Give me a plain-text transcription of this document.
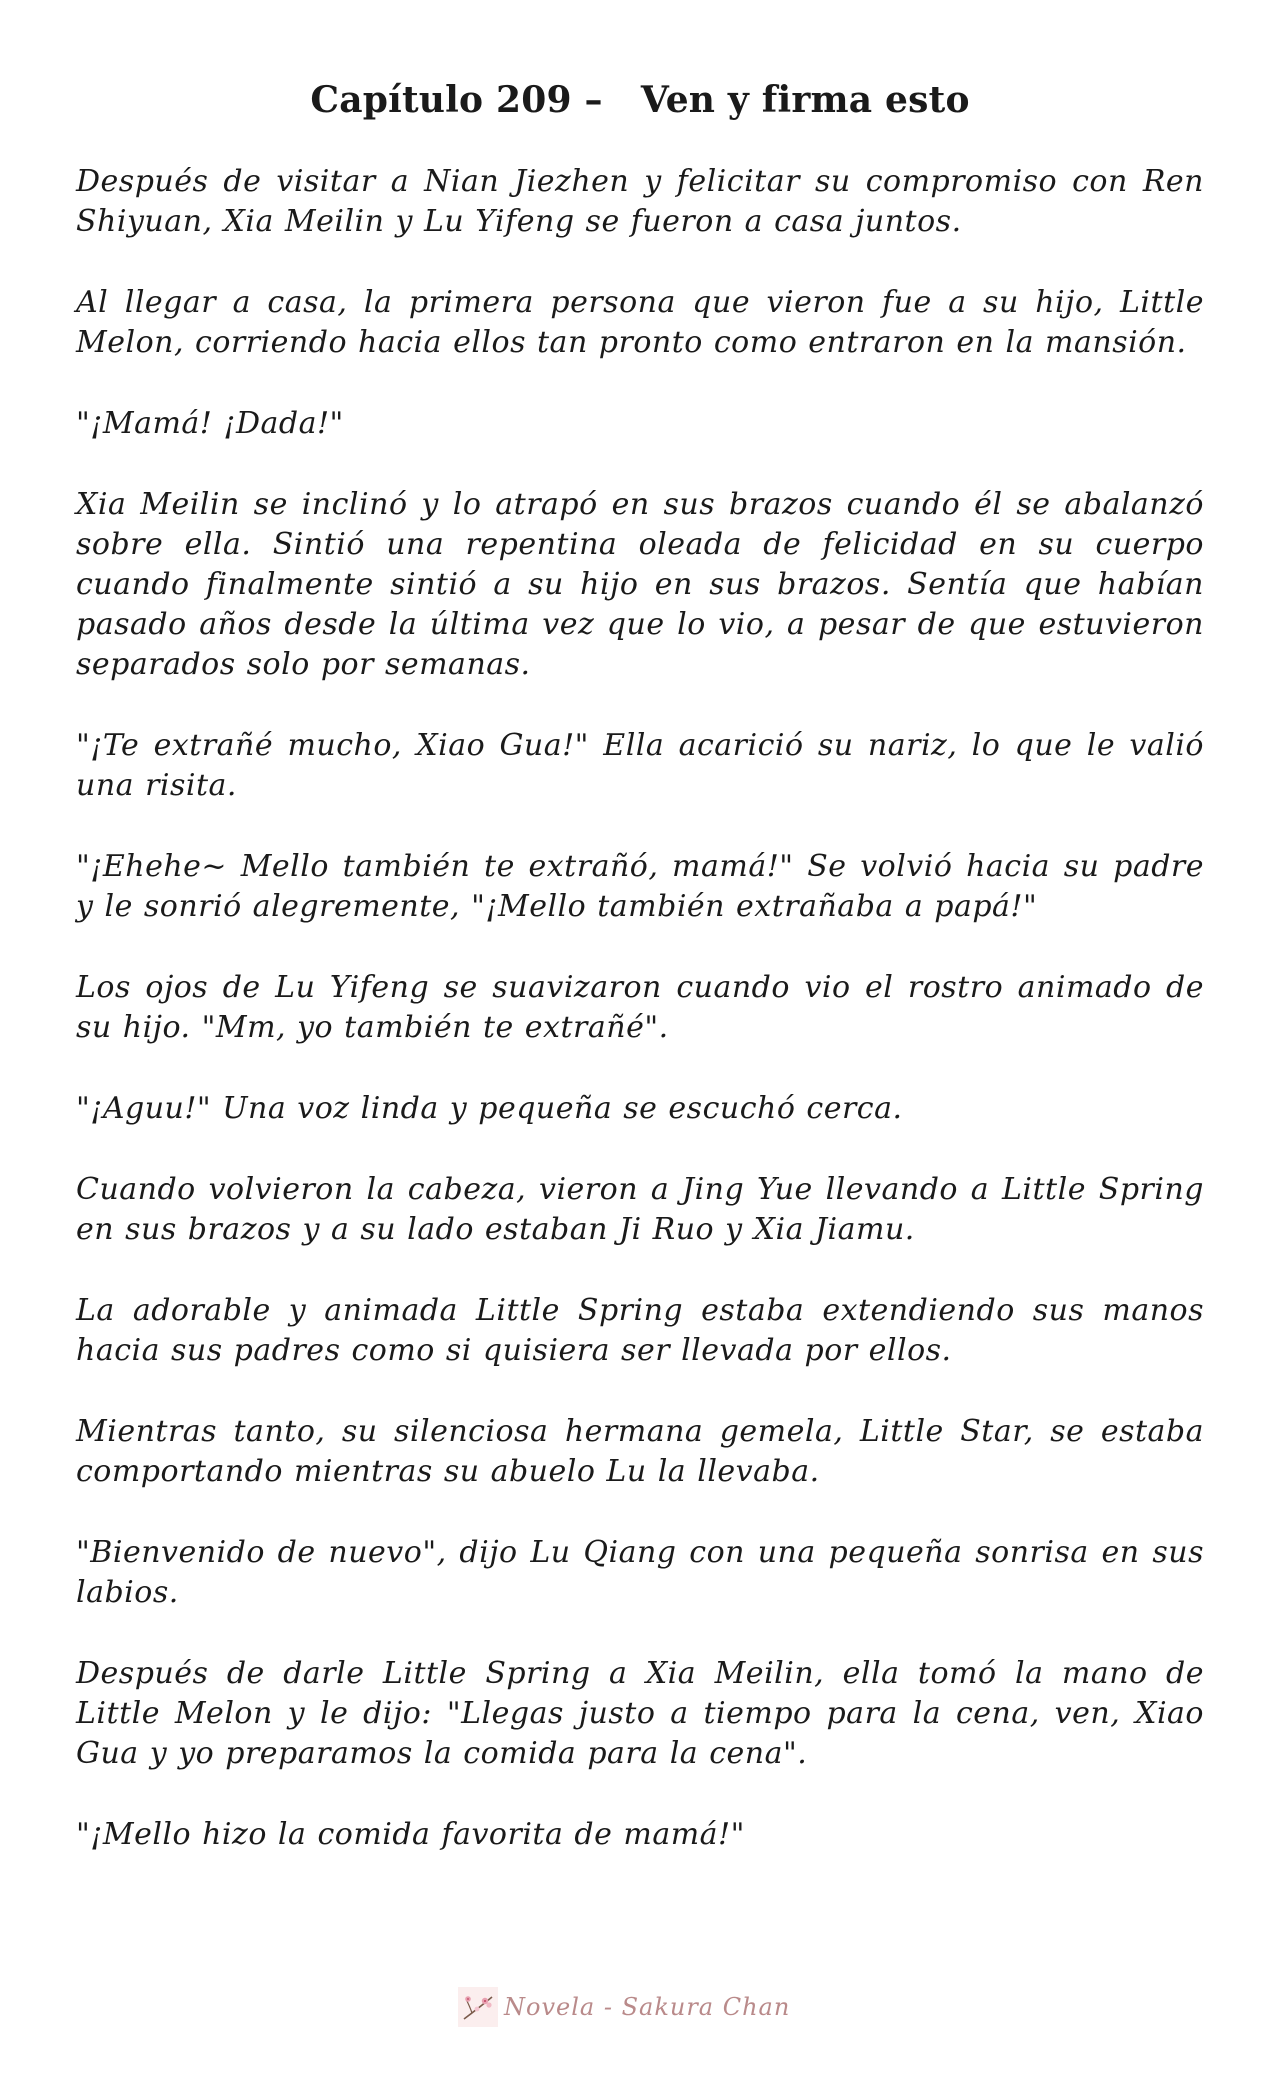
Capítulo 209 –   Ven y firma esto

Después de visitar a Nian Jiezhen y felicitar su compromiso con Ren Shiyuan, Xia Meilin y Lu Yifeng se fueron a casa juntos.

Al llegar a casa, la primera persona que vieron fue a su hijo, Little Melon, corriendo hacia ellos tan pronto como entraron en la mansión.

"¡Mamá! ¡Dada!"

Xia Meilin se inclinó y lo atrapó en sus brazos cuando él se abalanzó sobre ella. Sintió una repentina oleada de felicidad en su cuerpo cuando finalmente sintió a su hijo en sus brazos. Sentía que habían pasado años desde la última vez que lo vio, a pesar de que estuvieron separados solo por semanas.

"¡Te extrañé mucho, Xiao Gua!" Ella acarició su nariz, lo que le valió una risita.

"¡Ehehe~ Mello también te extrañó, mamá!" Se volvió hacia su padre y le sonrió alegremente, "¡Mello también extrañaba a papá!"

Los ojos de Lu Yifeng se suavizaron cuando vio el rostro animado de su hijo. "Mm, yo también te extrañé".

"¡Aguu!" Una voz linda y pequeña se escuchó cerca.

Cuando volvieron la cabeza, vieron a Jing Yue llevando a Little Spring en sus brazos y a su lado estaban Ji Ruo y Xia Jiamu.

La adorable y animada Little Spring estaba extendiendo sus manos hacia sus padres como si quisiera ser llevada por ellos.

Mientras tanto, su silenciosa hermana gemela, Little Star, se estaba comportando mientras su abuelo Lu la llevaba.

"Bienvenido de nuevo", dijo Lu Qiang con una pequeña sonrisa en sus labios.

Después de darle Little Spring a Xia Meilin, ella tomó la mano de Little Melon y le dijo: "Llegas justo a tiempo para la cena, ven, Xiao Gua y yo preparamos la comida para la cena".

"¡Mello hizo la comida favorita de mamá!"

Novela - Sakura Chan
